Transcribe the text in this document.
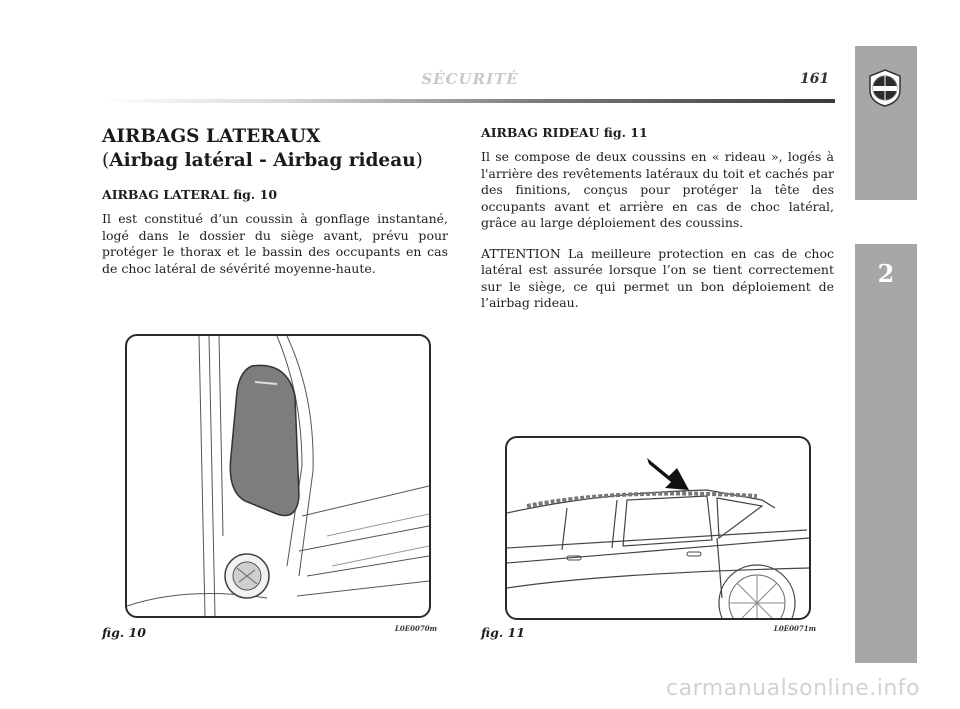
SÉCURITÉ	161
2
AIRBAGS LATERAUX
(Airbag latéral - Airbag rideau)
AIRBAG LATERAL fig. 10

Il est constitué d’un coussin à gonflage instantané, logé dans le dossier du siège avant, prévu pour protéger le thorax et le bassin des occupants en cas de choc latéral de sévérité moyenne-haute.

AIRBAG RIDEAU fig. 11

Il se compose de deux coussins en « rideau », logés à l'arrière des revêtements latéraux du toit et cachés par des finitions, conçus pour protéger la tête des occupants avant et arrière en cas de choc latéral, grâce au large déploiement des coussins.

ATTENTION La meilleure protection en cas de choc latéral est assurée lorsque l’on se tient correctement sur le siège, ce qui permet un bon déploiement de l’airbag rideau.

fig. 10	L0E0070m	fig. 11	L0E0071m
carmanualsonline.info
